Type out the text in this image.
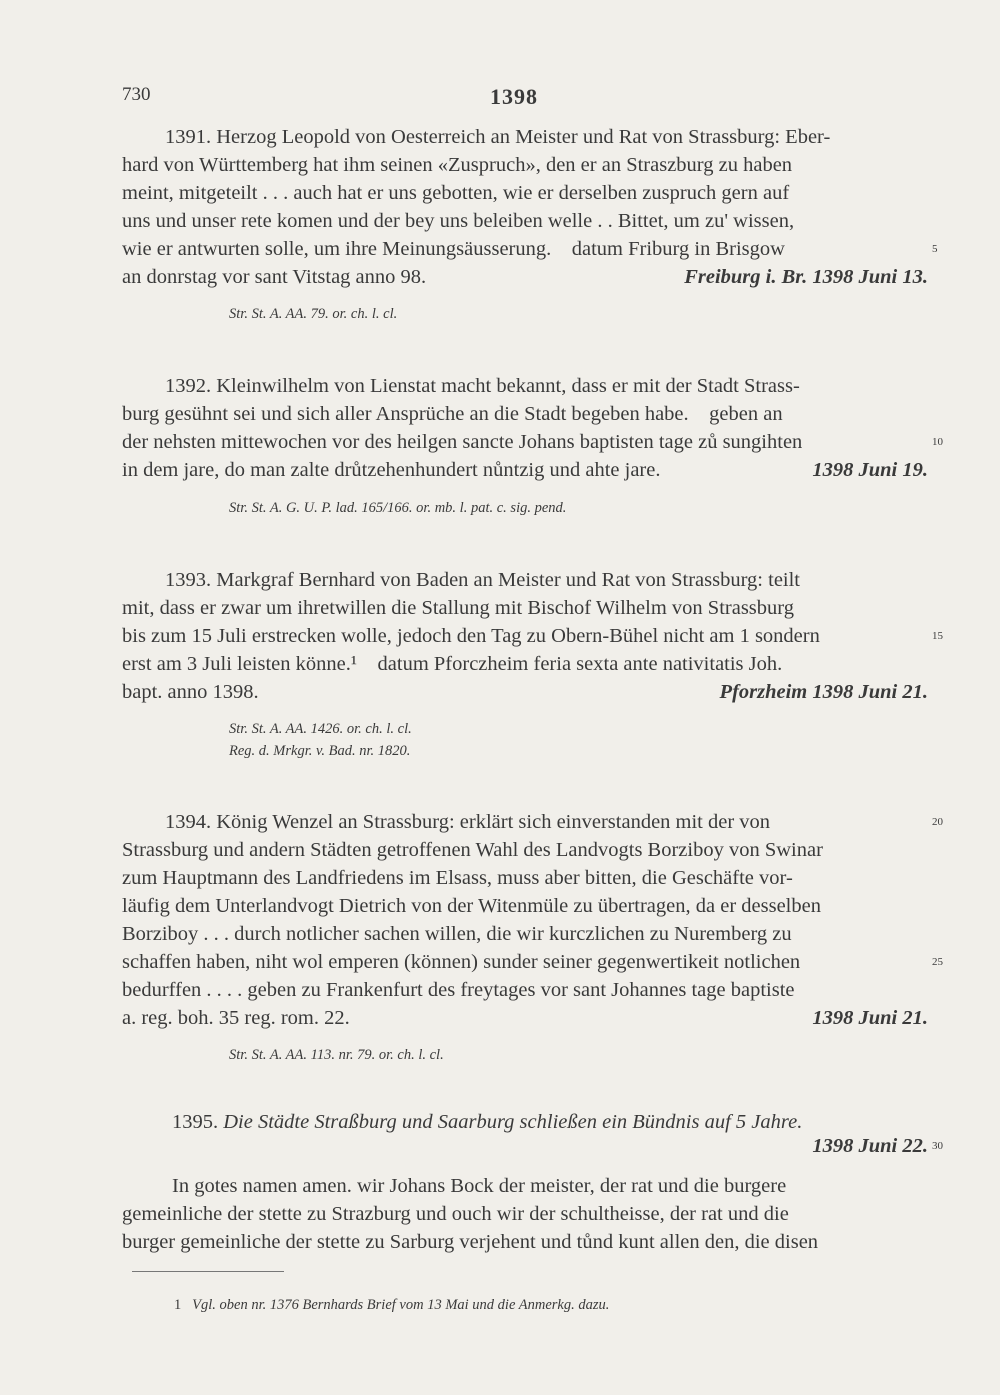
730	1398
1391. Herzog Leopold von Oesterreich an Meister und Rat von Strassburg: Eber-
hard von Württemberg hat ihm seinen «Zuspruch», den er an Straszburg zu haben
meint, mitgeteilt . . . auch hat er uns gebotten, wie er derselben zuspruch gern auf
uns und unser rete komen und der bey uns beleiben welle . . Bittet, um zu' wissen,
wie er antwurten solle, um ihre Meinungsäusserung.    datum Friburg in Brisgow
an donrstag vor sant Vitstag anno 98.	Freiburg i. Br. 1398 Juni 13.
Str. St. A. AA. 79. or. ch. l. cl.
1392. Kleinwilhelm von Lienstat macht bekannt, dass er mit der Stadt Strass-
burg gesühnt sei und sich aller Ansprüche an die Stadt begeben habe.    geben an
der nehsten mittewochen vor des heilgen sancte Johans baptisten tage zů sungihten
in dem jare, do man zalte drůtzehenhundert nůntzig und ahte jare.	1398 Juni 19.
Str. St. A. G. U. P. lad. 165/166. or. mb. l. pat. c. sig. pend.
1393. Markgraf Bernhard von Baden an Meister und Rat von Strassburg: teilt
mit, dass er zwar um ihretwillen die Stallung mit Bischof Wilhelm von Strassburg
bis zum 15 Juli erstrecken wolle, jedoch den Tag zu Obern-Bühel nicht am 1 sondern
erst am 3 Juli leisten könne.¹    datum Pforczheim feria sexta ante nativitatis Joh.
bapt. anno 1398.	Pforzheim 1398 Juni 21.
Str. St. A. AA. 1426. or. ch. l. cl.
Reg. d. Mrkgr. v. Bad. nr. 1820.
1394. König Wenzel an Strassburg: erklärt sich einverstanden mit der von
Strassburg und andern Städten getroffenen Wahl des Landvogts Borziboy von Swinar
zum Hauptmann des Landfriedens im Elsass, muss aber bitten, die Geschäfte vor-
läufig dem Unterlandvogt Dietrich von der Witenmüle zu übertragen, da er desselben
Borziboy . . . durch notlicher sachen willen, die wir kurczlichen zu Nuremberg zu
schaffen haben, niht wol emperen (können) sunder seiner gegenwertikeit notlichen
bedurffen . . . . geben zu Frankenfurt des freytages vor sant Johannes tage baptiste
a. reg. boh. 35 reg. rom. 22.	1398 Juni 21.
Str. St. A. AA. 113. nr. 79. or. ch. l. cl.
1395. Die Städte Straßburg und Saarburg schließen ein Bündnis auf 5 Jahre.
1398 Juni 22.
In gotes namen amen. wir Johans Bock der meister, der rat und die burgere
gemeinliche der stette zu Strazburg und ouch wir der schultheisse, der rat und die
burger gemeinliche der stette zu Sarburg verjehent und tůnd kunt allen den, die disen
5
10
15
20
25
30
1 Vgl. oben nr. 1376 Bernhards Brief vom 13 Mai und die Anmerkg. dazu.
